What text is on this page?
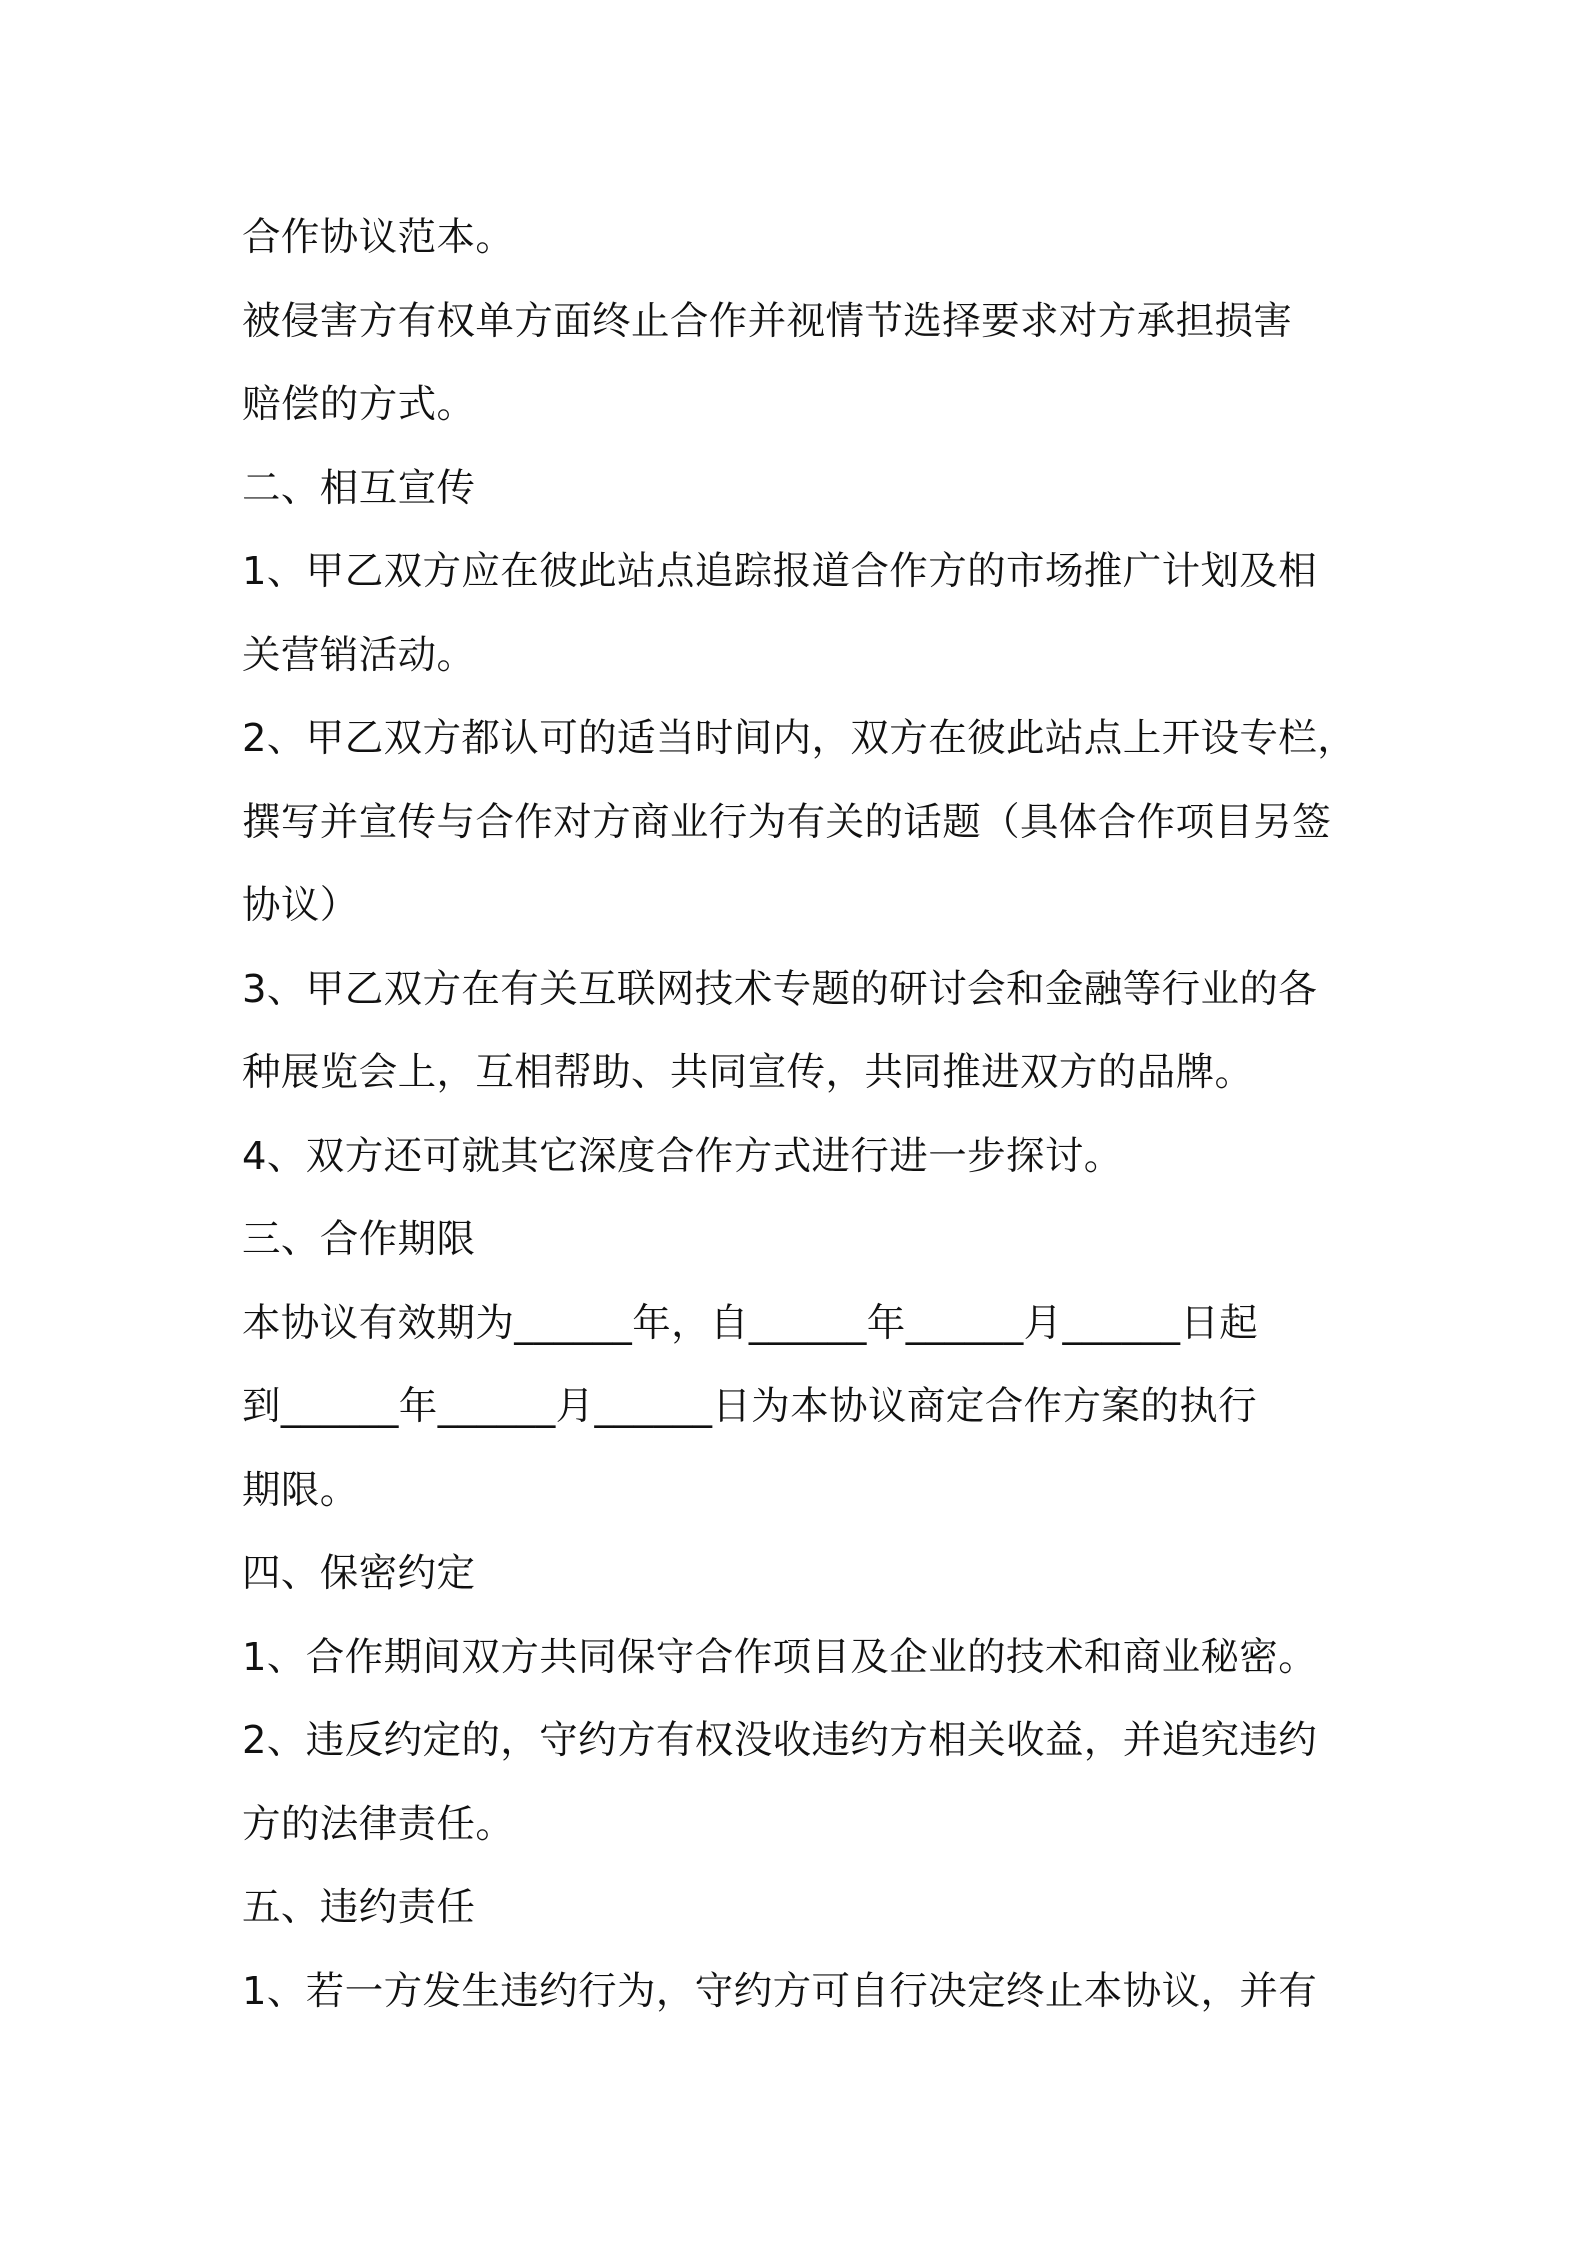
合作协议范本。
被侵害方有权单方面终止合作并视情节选择要求对方承担损害
赔偿的方式。
二、相互宣传
1、甲乙双方应在彼此站点追踪报道合作方的市场推广计划及相
关营销活动。
2、甲乙双方都认可的适当时间内，双方在彼此站点上开设专栏，
撰写并宣传与合作对方商业行为有关的话题（具体合作项目另签
协议）
3、甲乙双方在有关互联网技术专题的研讨会和金融等行业的各
种展览会上，互相帮助、共同宣传，共同推进双方的品牌。
4、双方还可就其它深度合作方式进行进一步探讨。
三、合作期限
本协议有效期为______年，自______年______月______日起
到______年______月______日为本协议商定合作方案的执行
期限。
四、保密约定
1、合作期间双方共同保守合作项目及企业的技术和商业秘密。
2、违反约定的，守约方有权没收违约方相关收益，并追究违约
方的法律责任。
五、违约责任
1、若一方发生违约行为，守约方可自行决定终止本协议，并有
